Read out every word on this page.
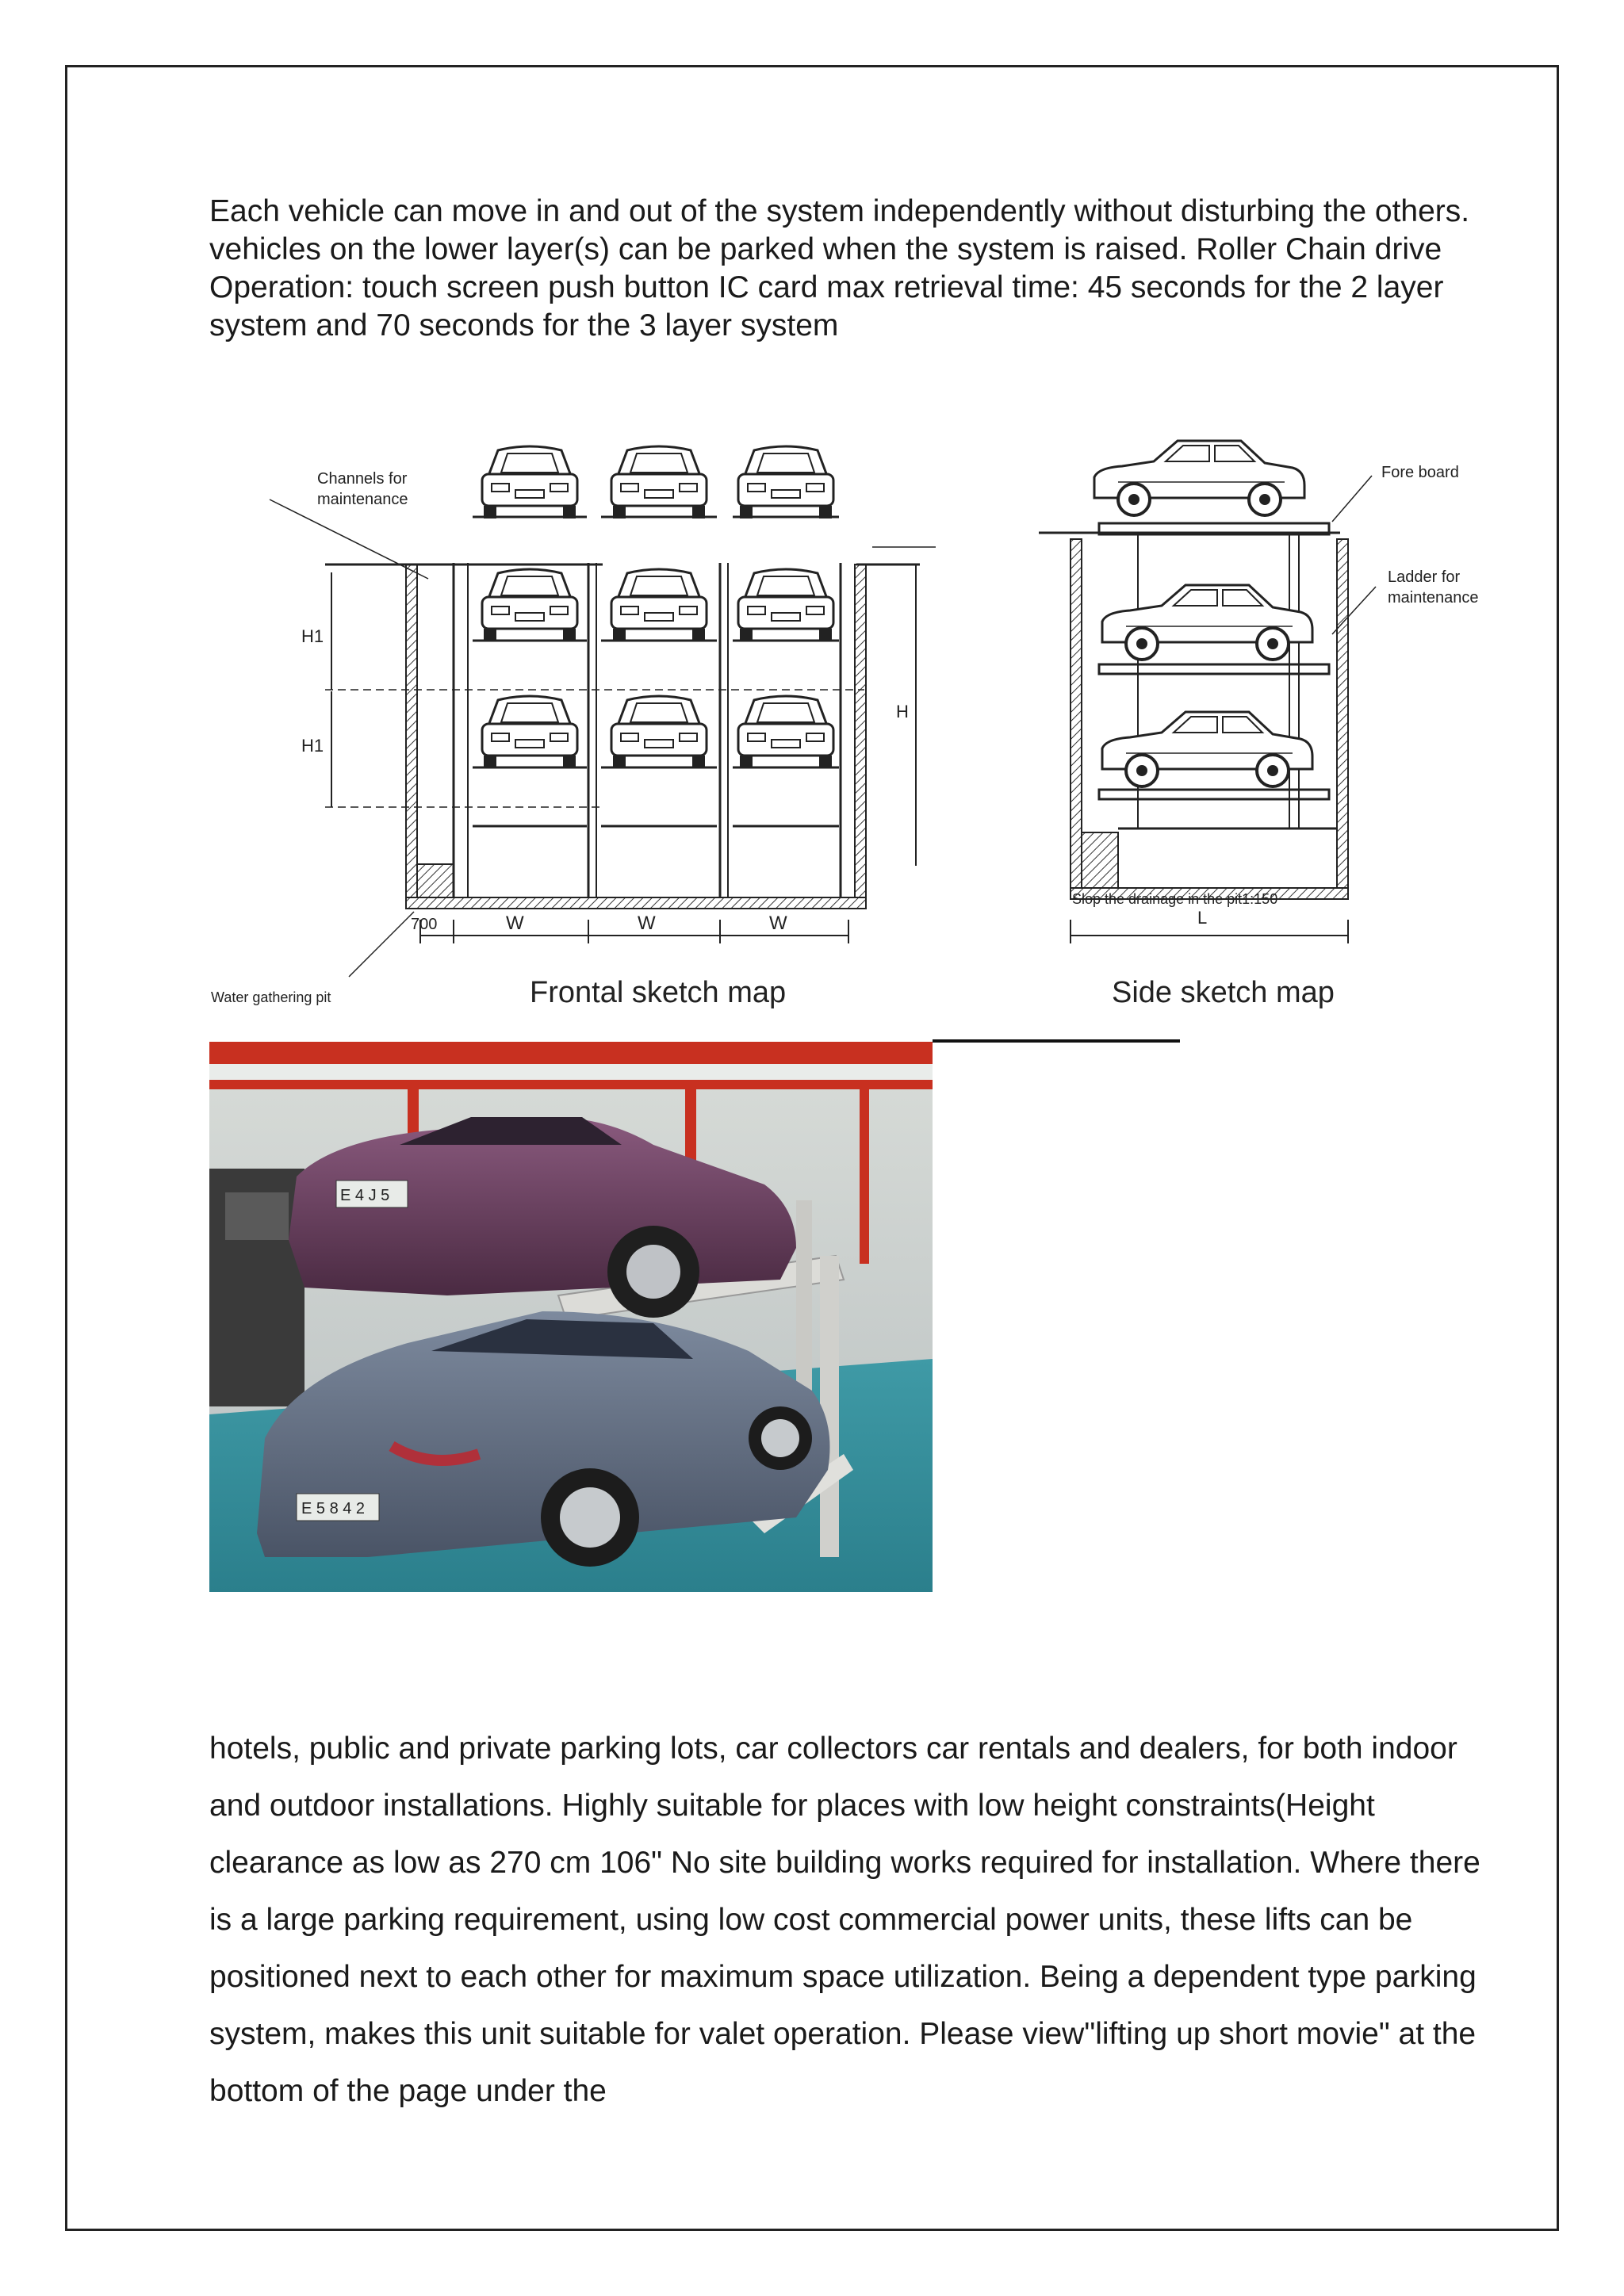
Each vehicle can move in and out of the system independently without disturbing the others. vehicles on the lower layer(s) can be parked when the system is raised. Roller Chain drive Operation: touch screen push button IC card max retrieval time: 45 seconds for the 2 layer system and 70 seconds for the 3 layer system

Channels for
maintenance
H1
H1
H
W	W	W
700
Water gathering pit	Frontal sketch map
Fore board
Ladder for
maintenance
Slop the drainage in the pit1:150
L
Side sketch map
E 4 J 5
E 5 8 4 2

hotels, public and private parking lots, car collectors car rentals and dealers, for both indoor and outdoor installations. Highly suitable for places with low height constraints(Height clearance as low as 270 cm 106" No site building works required for installation. Where there is a large parking requirement, using low cost commercial power units, these lifts can be positioned next to each other for maximum space utilization. Being a dependent type parking system, makes this unit suitable for valet operation. Please view"lifting up short movie" at the bottom of the page under the
